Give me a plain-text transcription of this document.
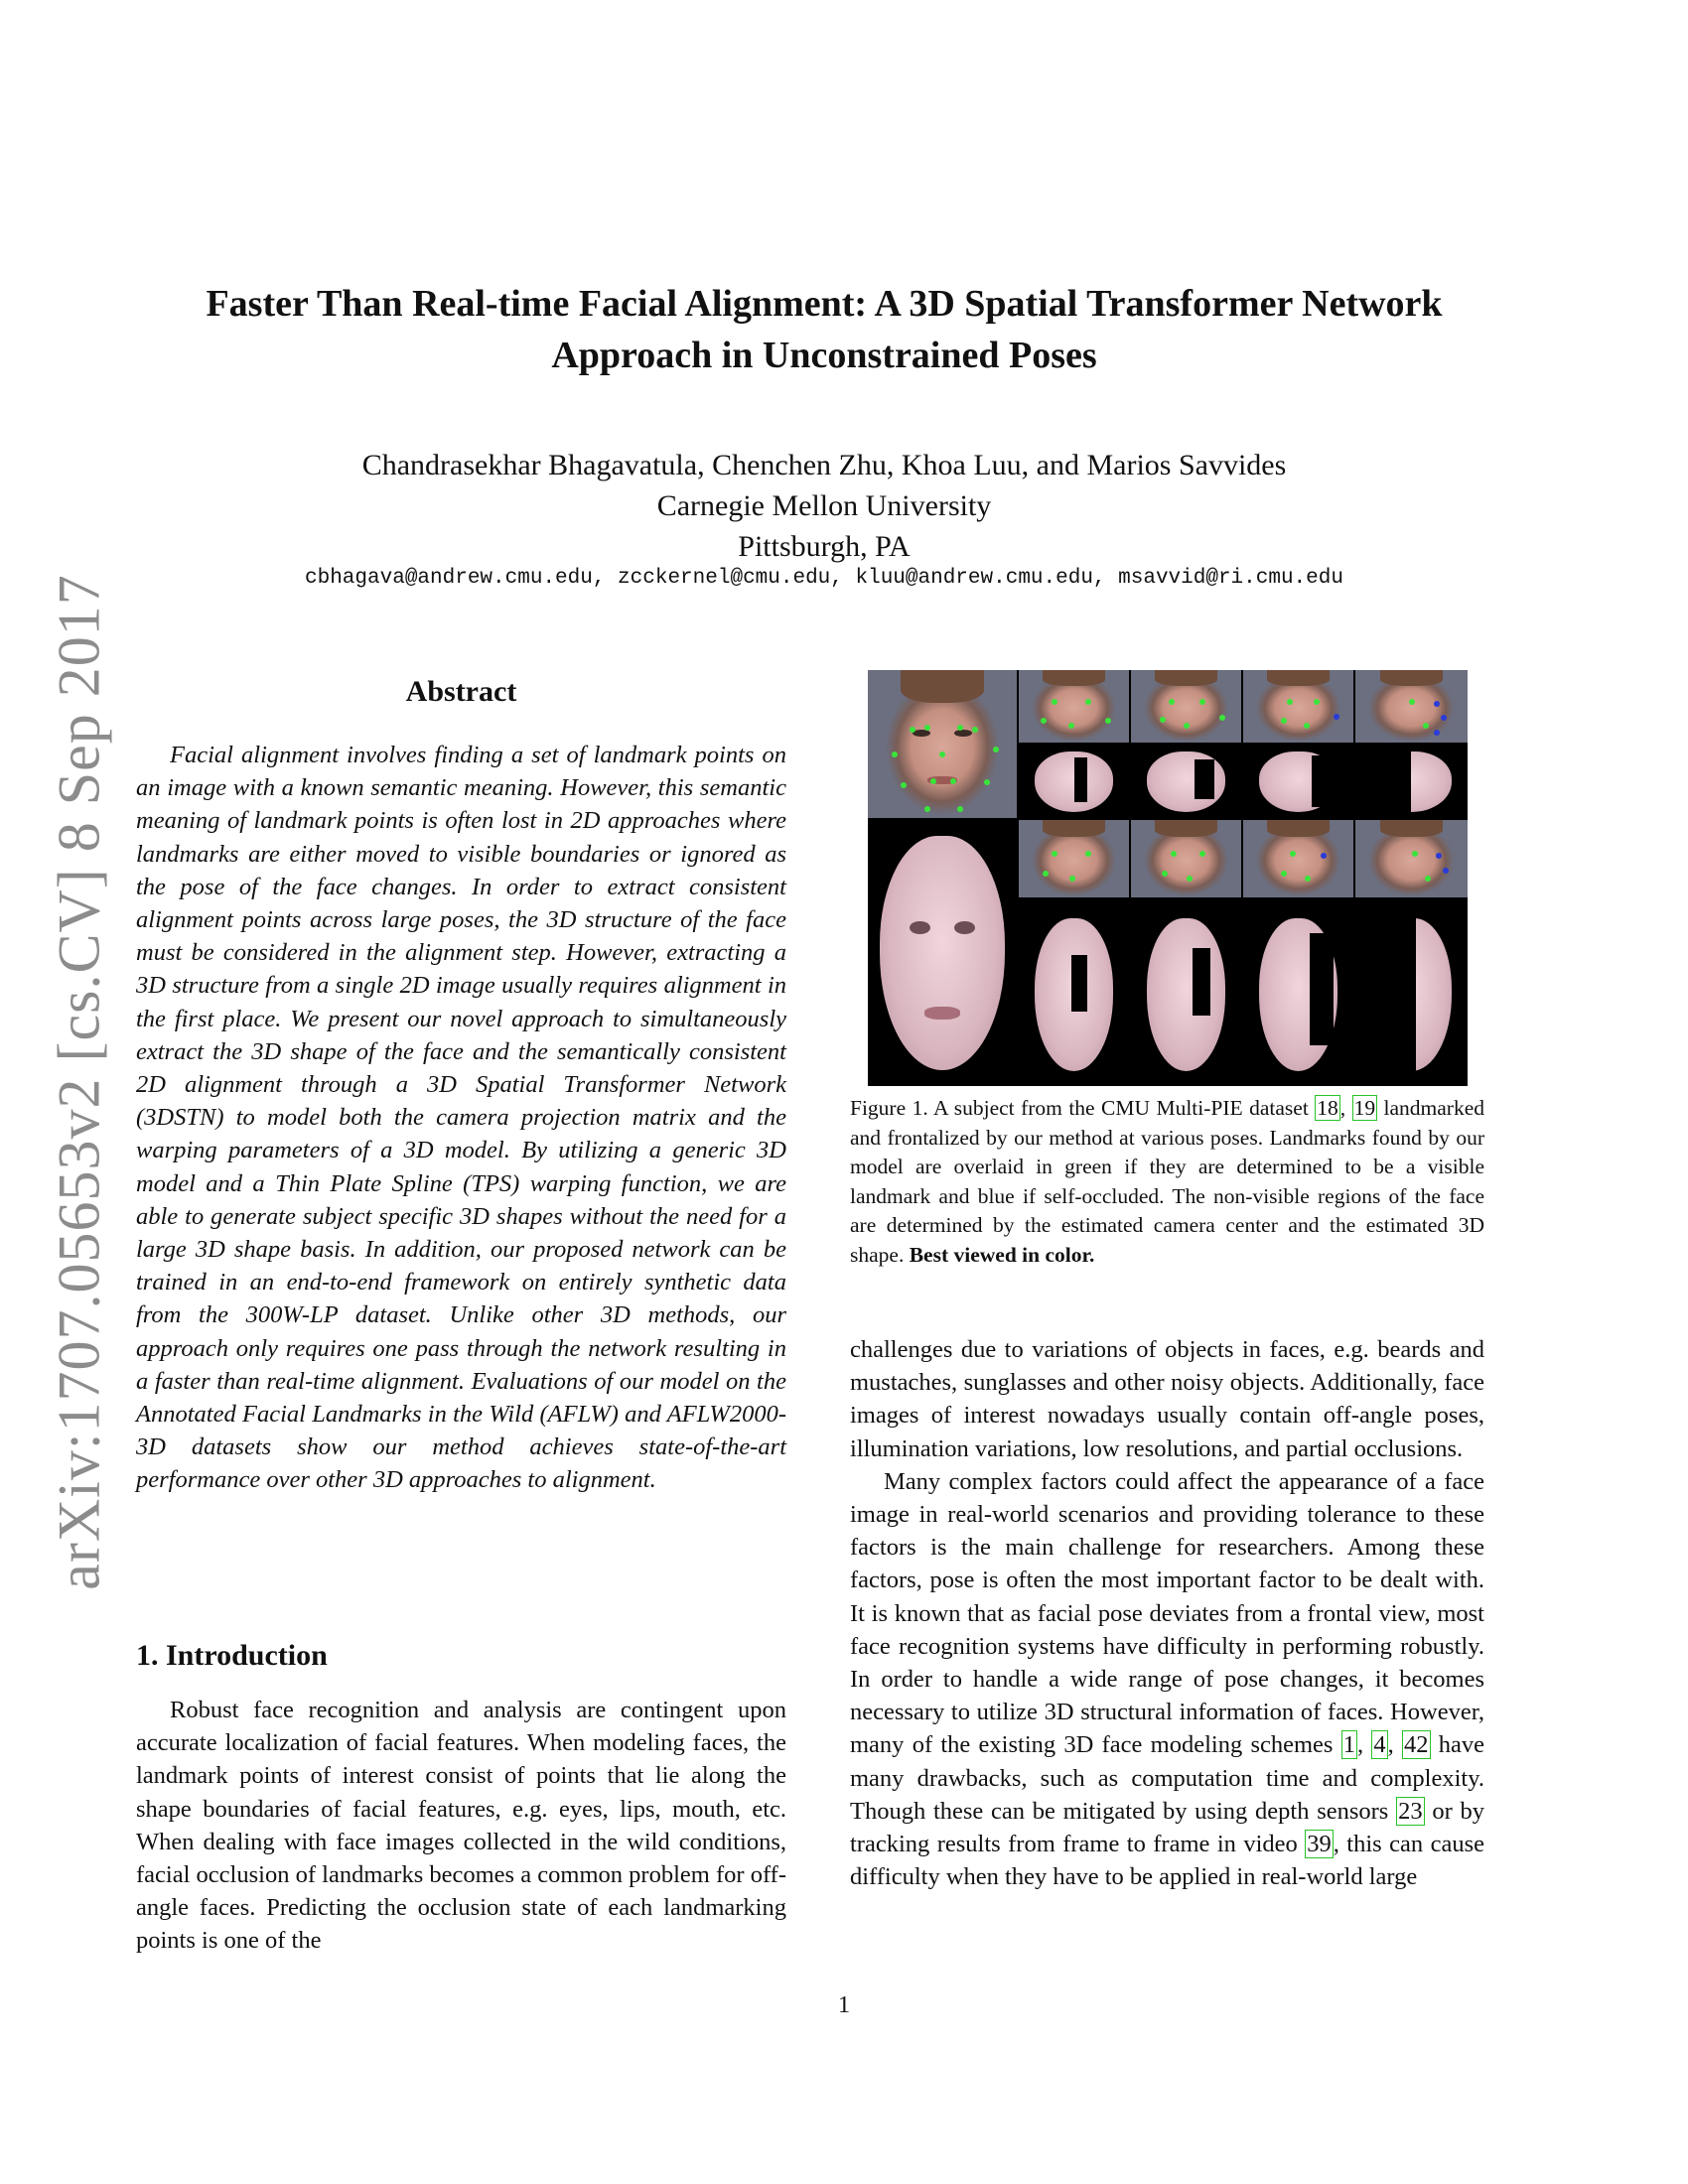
arXiv:1707.05653v2 [cs.CV] 8 Sep 2017
Faster Than Real-time Facial Alignment: A 3D Spatial Transformer Network Approach in Unconstrained Poses
Chandrasekhar Bhagavatula, Chenchen Zhu, Khoa Luu, and Marios Savvides
Carnegie Mellon University
Pittsburgh, PA
cbhagava@andrew.cmu.edu, zcckernel@cmu.edu, kluu@andrew.cmu.edu, msavvid@ri.cmu.edu
Abstract

Facial alignment involves finding a set of landmark points on an image with a known semantic meaning. However, this semantic meaning of landmark points is often lost in 2D approaches where landmarks are either moved to visible boundaries or ignored as the pose of the face changes. In order to extract consistent alignment points across large poses, the 3D structure of the face must be considered in the alignment step. However, extracting a 3D structure from a single 2D image usually requires alignment in the first place. We present our novel approach to simultaneously extract the 3D shape of the face and the semantically consistent 2D alignment through a 3D Spatial Transformer Network (3DSTN) to model both the camera projection matrix and the warping parameters of a 3D model. By utilizing a generic 3D model and a Thin Plate Spline (TPS) warping function, we are able to generate subject specific 3D shapes without the need for a large 3D shape basis. In addition, our proposed network can be trained in an end-to-end framework on entirely synthetic data from the 300W-LP dataset. Unlike other 3D methods, our approach only requires one pass through the network resulting in a faster than real-time alignment. Evaluations of our model on the Annotated Facial Landmarks in the Wild (AFLW) and AFLW2000-3D datasets show our method achieves state-of-the-art performance over other 3D approaches to alignment.

1. Introduction

Robust face recognition and analysis are contingent upon accurate localization of facial features. When modeling faces, the landmark points of interest consist of points that lie along the shape boundaries of facial features, e.g. eyes, lips, mouth, etc. When dealing with face images collected in the wild conditions, facial occlusion of landmarks becomes a common problem for off-angle faces. Predicting the occlusion state of each landmarking points is one of the

Figure 1. A subject from the CMU Multi-PIE dataset 18, 19 landmarked and frontalized by our method at various poses. Landmarks found by our model are overlaid in green if they are determined to be a visible landmark and blue if self-occluded. The non-visible regions of the face are determined by the estimated camera center and the estimated 3D shape. Best viewed in color.

challenges due to variations of objects in faces, e.g. beards and mustaches, sunglasses and other noisy objects. Additionally, face images of interest nowadays usually contain off-angle poses, illumination variations, low resolutions, and partial occlusions.

Many complex factors could affect the appearance of a face image in real-world scenarios and providing tolerance to these factors is the main challenge for researchers. Among these factors, pose is often the most important factor to be dealt with. It is known that as facial pose deviates from a frontal view, most face recognition systems have difficulty in performing robustly. In order to handle a wide range of pose changes, it becomes necessary to utilize 3D structural information of faces. However, many of the existing 3D face modeling schemes 1, 4, 42 have many drawbacks, such as computation time and complexity. Though these can be mitigated by using depth sensors 23 or by tracking results from frame to frame in video 39, this can cause difficulty when they have to be applied in real-world large

1
